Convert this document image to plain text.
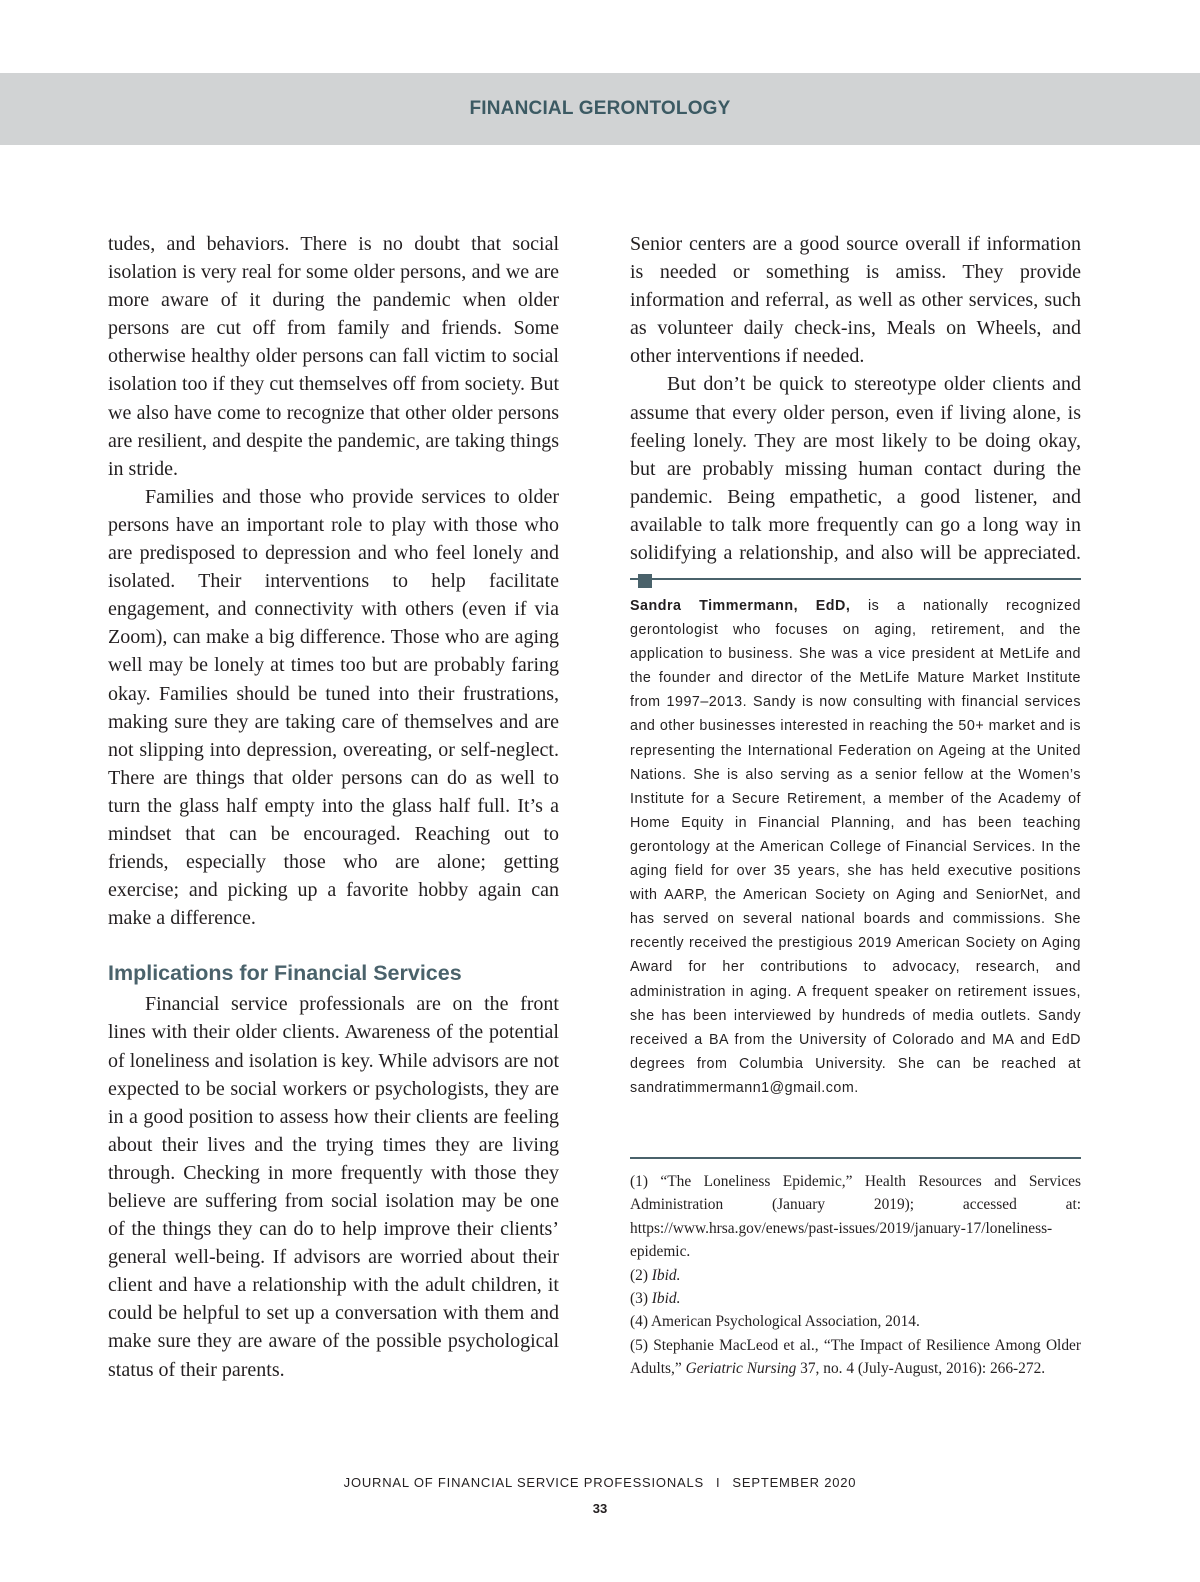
FINANCIAL GERONTOLOGY

tudes, and behaviors. There is no doubt that social isolation is very real for some older persons, and we are more aware of it during the pandemic when older persons are cut off from family and friends. Some otherwise healthy older persons can fall victim to social isolation too if they cut themselves off from society. But we also have come to recognize that other older persons are resilient, and despite the pandemic, are taking things in stride.

Families and those who provide services to older persons have an important role to play with those who are predisposed to depression and who feel lonely and isolated. Their interventions to help facilitate engagement, and connectivity with others (even if via Zoom), can make a big difference. Those who are aging well may be lonely at times too but are probably faring okay. Families should be tuned into their frustrations, making sure they are taking care of themselves and are not slipping into depression, overeating, or self-neglect. There are things that older persons can do as well to turn the glass half empty into the glass half full. It’s a mindset that can be encouraged. Reaching out to friends, especially those who are alone; getting exercise; and picking up a favorite hobby again can make a difference.

Implications for Financial Services

Financial service professionals are on the front lines with their older clients. Awareness of the potential of loneliness and isolation is key. While advisors are not expected to be social workers or psychologists, they are in a good position to assess how their clients are feeling about their lives and the trying times they are living through. Checking in more frequently with those they believe are suffering from social isolation may be one of the things they can do to help improve their clients’ general well-being. If advisors are worried about their client and have a relationship with the adult children, it could be helpful to set up a conversation with them and make sure they are aware of the possible psychological status of their parents.

Senior centers are a good source overall if information is needed or something is amiss. They provide information and referral, as well as other services, such as volunteer daily check-ins, Meals on Wheels, and other interventions if needed.

But don’t be quick to stereotype older clients and assume that every older person, even if living alone, is feeling lonely. They are most likely to be doing okay, but are probably missing human contact during the pandemic. Being empathetic, a good listener, and available to talk more frequently can go a long way in solidifying a relationship, and also will be appreciated.

Sandra Timmermann, EdD, is a nationally recognized gerontologist who focuses on aging, retirement, and the application to business. She was a vice president at MetLife and the founder and director of the MetLife Mature Market Institute from 1997–2013. Sandy is now consulting with financial services and other businesses interested in reaching the 50+ market and is representing the International Federation on Ageing at the United Nations. She is also serving as a senior fellow at the Women’s Institute for a Secure Retirement, a member of the Academy of Home Equity in Financial Planning, and has been teaching gerontology at the American College of Financial Services. In the aging field for over 35 years, she has held executive positions with AARP, the American Society on Aging and SeniorNet, and has served on several national boards and commissions. She recently received the prestigious 2019 American Society on Aging Award for her contributions to advocacy, research, and administration in aging. A frequent speaker on retirement issues, she has been interviewed by hundreds of media outlets. Sandy received a BA from the University of Colorado and MA and EdD degrees from Columbia University. She can be reached at sandratimmermann1@gmail.com.

(1) “The Loneliness Epidemic,” Health Resources and Services Administration (January 2019); accessed at: https://www.hrsa.gov/enews/past-issues/2019/january-17/loneliness-epidemic.

(2) Ibid.

(3) Ibid.

(4) American Psychological Association, 2014.

(5) Stephanie MacLeod et al., “The Impact of Resilience Among Older Adults,” Geriatric Nursing 37, no. 4 (July-August, 2016): 266-272.

JOURNAL OF FINANCIAL SERVICE PROFESSIONALS I SEPTEMBER 2020
33
